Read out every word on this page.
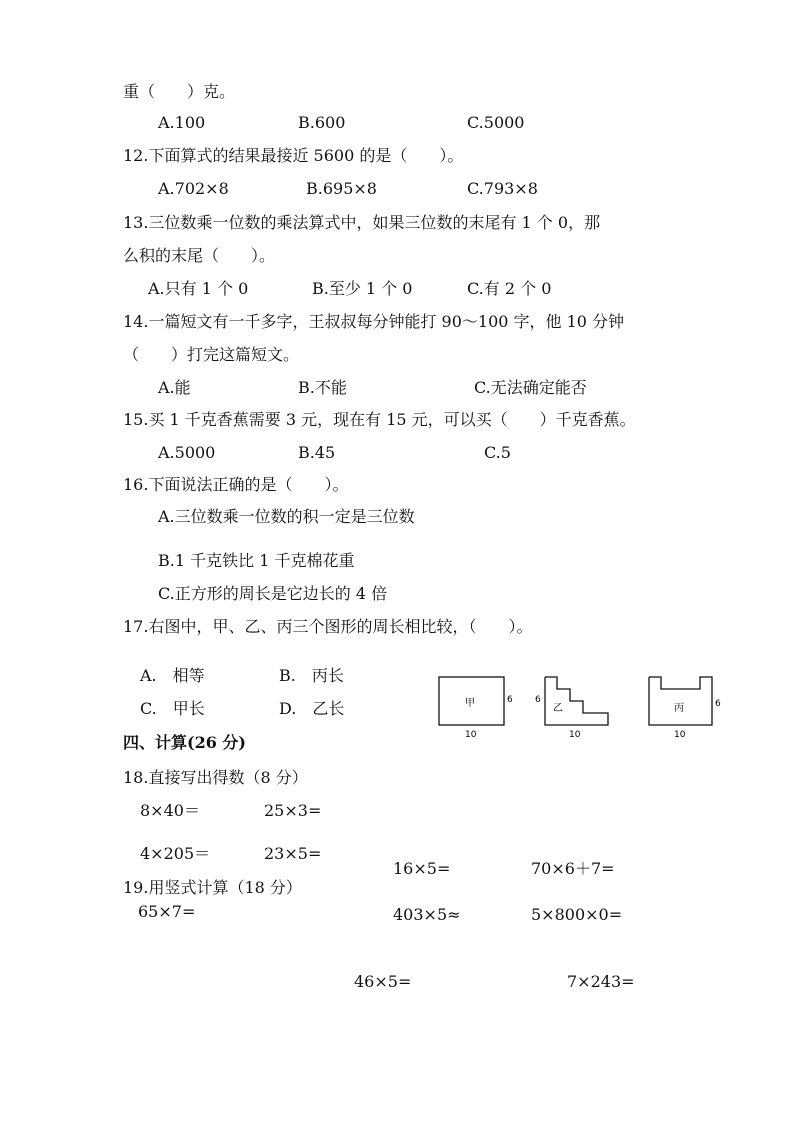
重（　　）克。
A.100	B.600	C.5000
12.下面算式的结果最接近 5600 的是（　　）。
A.702×8	B.695×8	C.793×8
13.三位数乘一位数的乘法算式中，如果三位数的末尾有 1 个 0，那
么积的末尾（　　）。
A.只有 1 个 0	B.至少 1 个 0	C.有 2 个 0
14.一篇短文有一千多字，王叔叔每分钟能打 90～100 字，他 10 分钟
（　　）打完这篇短文。
A.能	B.不能	C.无法确定能否
15.买 1 千克香蕉需要 3 元，现在有 15 元，可以买（　　）千克香蕉。
A.5000	B.45	C.5
16.下面说法正确的是（　　）。
A.三位数乘一位数的积一定是三位数
B.1 千克铁比 1 千克棉花重
C.正方形的周长是它边长的 4 倍
17.右图中，甲、乙、丙三个图形的周长相比较，（　　）。
A.　相等	B.　丙长
C.　甲长	D.　乙长	甲	6
10
乙
6
10
丙	6
10
四、计算(26 分)
18.直接写出得数（8 分）
8×40＝	25×3=
4×205＝	23×5=
16×5=	70×6＋7=
19.用竖式计算（18 分）
65×7=	403×5≈	5×800×0=
46×5=	7×243=
